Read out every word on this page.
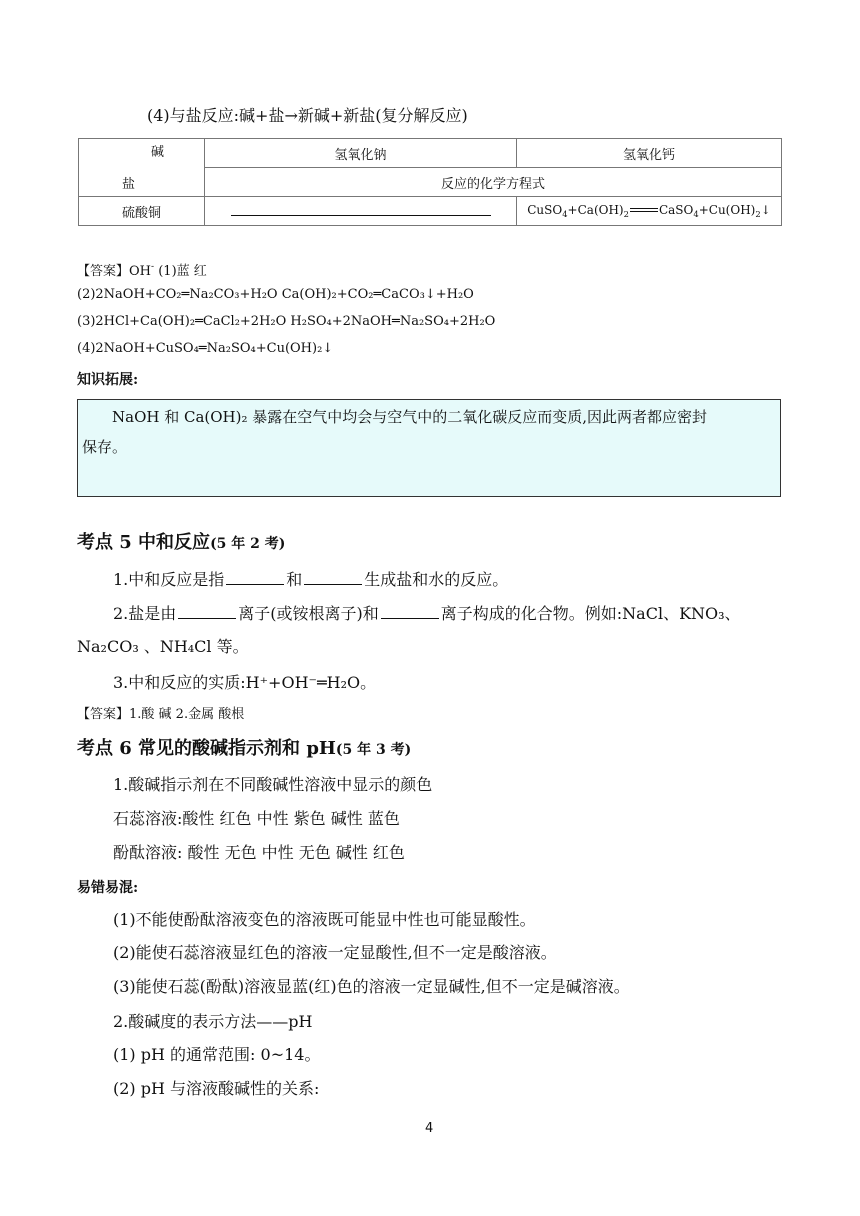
(4)与盐反应:碱+盐→新碱+新盐(复分解反应)
碱
盐	氢氧化钠	氢氧化钙
	反应的化学方程式	
硫酸铜		$CuSO_4+Ca(OH)_2$ $CaSO_4+Cu(OH)_2↓$
【答案】OH- (1)蓝 红
(2)2NaOH+CO₂═Na₂CO₃+H₂O Ca(OH)₂+CO₂═CaCO₃↓+H₂O
(3)2HCl+Ca(OH)₂═CaCl₂+2H₂O H₂SO₄+2NaOH═Na₂SO₄+2H₂O
(4)2NaOH+CuSO₄═Na₂SO₄+Cu(OH)₂↓
知识拓展:
NaOH 和 Ca(OH)₂ 暴露在空气中均会与空气中的二氧化碳反应而变质,因此两者都应密封
保存。
考点 5 中和反应(5 年 2 考)
1.中和反应是指	和	生成盐和水的反应。
2.盐是由	离子(或铵根离子)和	离子构成的化合物。例如:NaCl、KNO₃、
Na₂CO₃ 、NH₄Cl 等。
3.中和反应的实质:H⁺+OH⁻═H₂O。
【答案】1.酸 碱 2.金属 酸根
考点 6 常见的酸碱指示剂和 pH(5 年 3 考)
1.酸碱指示剂在不同酸碱性溶液中显示的颜色
石蕊溶液:酸性 红色 中性 紫色 碱性 蓝色
酚酞溶液: 酸性 无色 中性 无色 碱性 红色
易错易混:
(1)不能使酚酞溶液变色的溶液既可能显中性也可能显酸性。
(2)能使石蕊溶液显红色的溶液一定显酸性,但不一定是酸溶液。
(3)能使石蕊(酚酞)溶液显蓝(红)色的溶液一定显碱性,但不一定是碱溶液。
2.酸碱度的表示方法——pH
(1) pH 的通常范围: 0~14。
(2) pH 与溶液酸碱性的关系:
4
